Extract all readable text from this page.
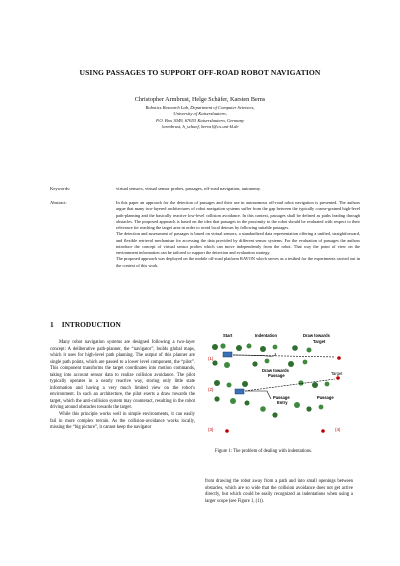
USING PASSAGES TO SUPPORT OFF-ROAD ROBOT NAVIGATION
Christopher Armbrust, Helge Schäfer, Karsten Berns
Robotics Research Lab, Department of Computer Sciences,
University of Kaiserslautern,
P.O. Box 3049, 67653 Kaiserslautern, Germany
{armbrust, h_schaef, berns}@cs.uni-kl.de
Keywords:	virtual sensors, virtual sensor probes, passages, off-road navigation, autonomy.
Abstract:	In this paper an approach for the detection of passages and their use in autonomous off-road robot navigation is presented. The authors argue that many two-layered architectures of robot navigation systems suffer from the gap between the typically coarse-grained high-level path-planning and the basically reactive low-level collision avoidance. In this context, passages shall be defined as paths leading through obstacles. The proposed approach is based on the idea that passages in the proximity to the robot should be evaluated with respect to their relevance for reaching the target area in order to avoid local detours by following suitable passages.

The detection and assessment of passages is based on virtual sensors, a standardized data representation offering a unified, straightforward, and flexible retrieval mechanism for accessing the data provided by different sensor systems. For the evaluation of passages the authors introduce the concept of virtual sensor probes which can move independently from the robot. That way the point of view on the environment information can be tailored to support the detection and evaluation strategy.

The proposed approach was deployed on the mobile off-road platform RAVON which serves as a testbed for the experiments carried out in the context of this work.

1 INTRODUCTION

Many robot navigation systems are designed following a two-layer concept: A deliberative path-planner, the “navigator”, builds global maps, which it uses for high-level path planning. The output of this planner are single path points, which are passed to a lower level component, the “pilot”. This component transforms the target coordinates into motion commands, taking into account sensor data to realize collision avoidance. The pilot typically operates in a nearly reactive way, storing only little state information and having a very much limited view on the robot’s environment. In such an architecture, the pilot exerts a draw towards the target, which the anti-collision system may counteract, resulting in the robot driving around obstacles towards the target.

While this principle works well in simple environments, it can easily fail in more complex terrain. As the collision-avoidance works locally, missing the “big picture”, it cannot keep the navigator

Start	Indentation	Draw towards
Target
(1)
Draw towards
Passage	Target
Passage
Entry
Passage
(2)
(3)	(4)
Figure 1: The problem of dealing with indentations.

from drawing the robot away from a path and into small openings between obstacles, which are so wide that the collision avoidance does not get active directly, but which could be easily recognized as indentations when using a larger scope (see Figure 1, (1)).
